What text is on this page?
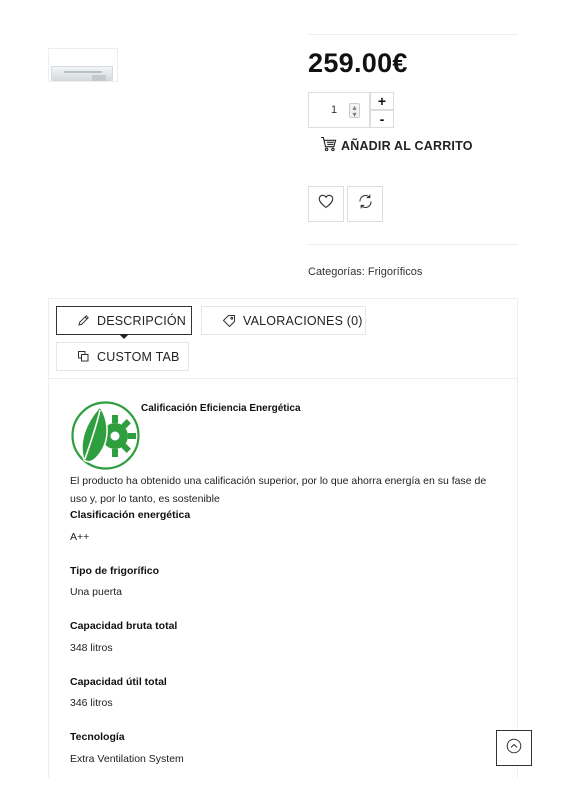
259.00€
1	▴
▾
+
-
AÑADIR AL CARRITO
Categorías: Frigoríficos
DESCRIPCIÓN	VALORACIONES (0)
CUSTOM TAB
Calificación Eficiencia Energética
El producto ha obtenido una calificación superior, por lo que ahorra energía en su fase de uso y, por lo tanto, es sostenible
Clasificación energética
A++
Tipo de frigorífico
Una puerta
Capacidad bruta total
348 litros
Capacidad útil total
346 litros
Tecnología
Extra Ventilation System
